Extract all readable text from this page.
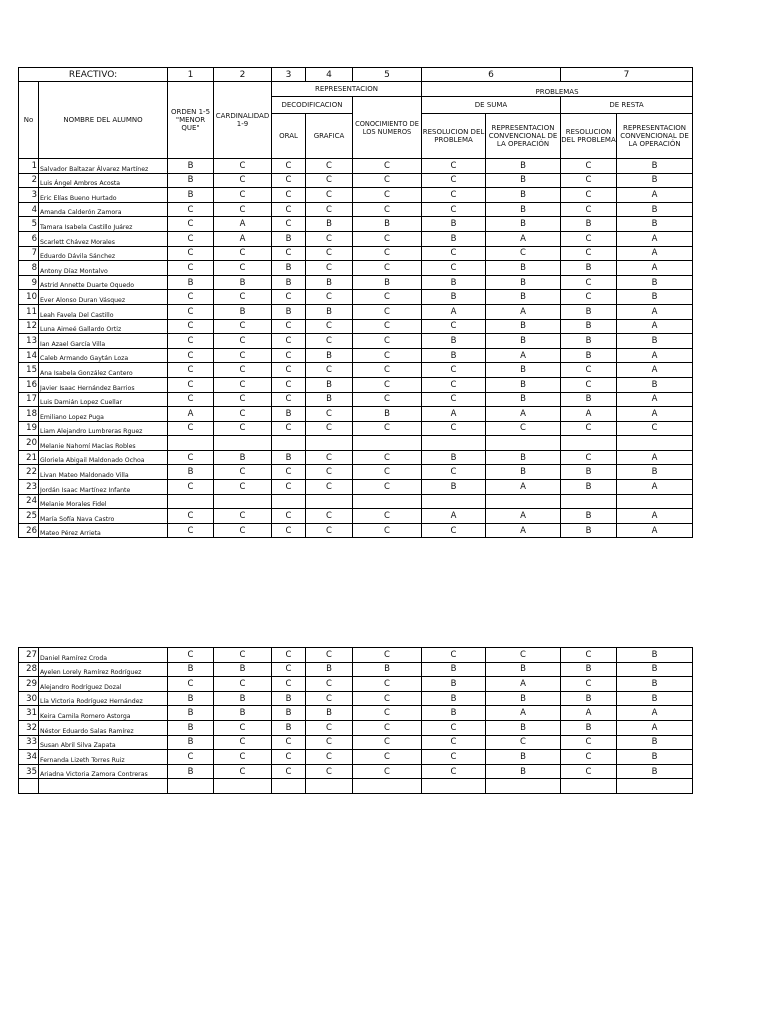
REACTIVO:		1	2	3	4	5	6		7	
No	NOMBRE DEL ALUMNO	ORDEN 1-5 "MENOR QUE"	CARDINALIDAD 1-9	REPRESENTACION			PROBLEMAS			
				DECODIFICACION		CONOCIMIENTO DE LOS NUMEROS	DE SUMA		DE RESTA	
				ORAL	GRAFICA		RESOLUCION DEL PROBLEMA	REPRESENTACION CONVENCIONAL DE LA OPERACIÓN	RESOLUCION DEL PROBLEMA	REPRESENTACION CONVENCIONAL DE LA OPERACIÓN
1	Salvador Baltazar Álvarez Martínez	B	C	C	C	C	C	B	C	B
2	Luis Ángel Ambros Acosta	B	C	C	C	C	C	B	C	B
3	Eric Elías Bueno Hurtado	B	C	C	C	C	C	B	C	A
4	Amanda Calderón Zamora	C	C	C	C	C	C	B	C	B
5	Tamara Isabela Castillo Juárez	C	A	C	B	B	B	B	B	B
6	Scarlett Chávez Morales	C	A	B	C	C	B	A	C	A
7	Eduardo Dávila Sánchez	C	C	C	C	C	C	C	C	A
8	Antony Díaz Montalvo	C	C	B	C	C	C	B	B	A
9	Astrid Annette Duarte Oquedo	B	B	B	B	B	B	B	C	B
10	Ever Alonso Duran Vásquez	C	C	C	C	C	B	B	C	B
11	Leah Favela Del Castillo	C	B	B	B	C	A	A	B	A
12	Luna Aimeé Gallardo Ortiz	C	C	C	C	C	C	B	B	A
13	Ian Azael García Villa	C	C	C	C	C	B	B	B	B
14	Caleb Armando Gaytán Loza	C	C	C	B	C	B	A	B	A
15	Ana Isabela González Cantero	C	C	C	C	C	C	B	C	A
16	Javier Isaac Hernández Barrios	C	C	C	B	C	C	B	C	B
17	Luis Damián Lopez Cuellar	C	C	C	B	C	C	B	B	A
18	Emiliano Lopez Puga	A	C	B	C	B	A	A	A	A
19	Liam Alejandro Lumbreras Rguez	C	C	C	C	C	C	C	C	C
20	Melanie Nahomí Macías Robles									
21	Gloriela Abigail Maldonado Ochoa	C	B	B	C	C	B	B	C	A
22	Livan Mateo Maldonado Villa	B	C	C	C	C	C	B	B	B
23	Jordán Isaac Martínez Infante	C	C	C	C	C	B	A	B	A
24	Melanie Morales Fidel									
25	María Sofía Nava Castro	C	C	C	C	C	A	A	B	A
26	Mateo Pérez Arrieta	C	C	C	C	C	C	A	B	A
27	Daniel Ramírez Croda	C	C	C	C	C	C	C	C	B
28	Ayelen Lorely Ramírez Rodríguez	B	B	C	B	B	B	B	B	B
29	Alejandro Rodríguez Dozal	C	C	C	C	C	B	A	C	B
30	Lía Victoria Rodríguez Hernández	B	B	B	C	C	B	B	B	B
31	Keira Camila Romero Astorga	B	B	B	B	C	B	A	A	A
32	Néstor Eduardo Salas Ramírez	B	C	B	C	C	C	B	B	A
33	Susan Abril Silva Zapata	B	C	C	C	C	C	C	C	B
34	Fernanda Lizeth Torres Ruiz	C	C	C	C	C	C	B	C	B
35	Ariadna Victoria Zamora Contreras	B	C	C	C	C	C	B	C	B
